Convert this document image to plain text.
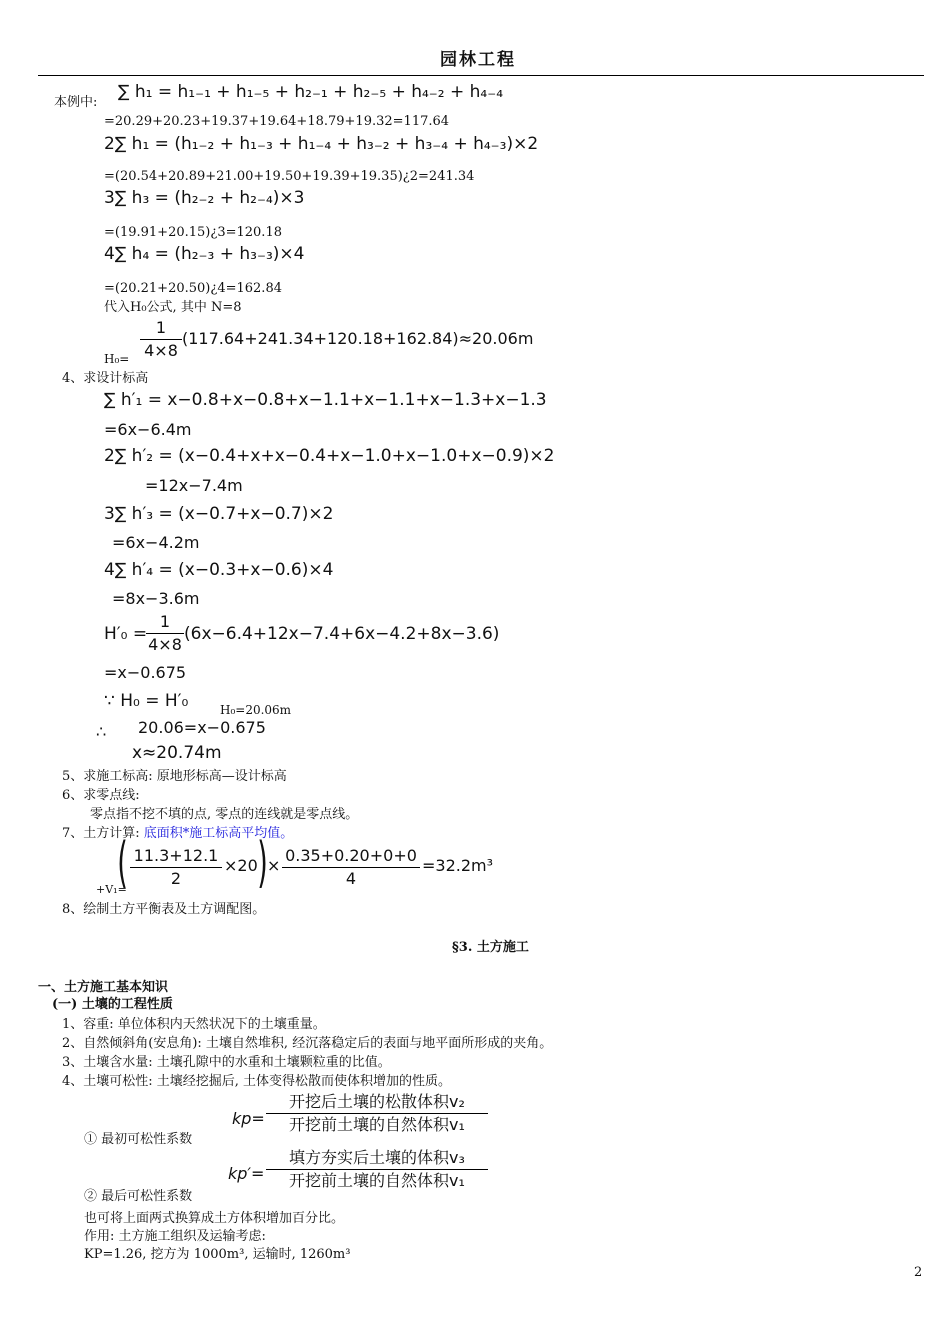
园林工程
本例中:
∑ h₁ = h₁₋₁ + h₁₋₅ + h₂₋₁ + h₂₋₅ + h₄₋₂ + h₄₋₄
=20.29+20.23+19.37+19.64+18.79+19.32=117.64
2∑ h₁ = (h₁₋₂ + h₁₋₃ + h₁₋₄ + h₃₋₂ + h₃₋₄ + h₄₋₃)×2
=(20.54+20.89+21.00+19.50+19.39+19.35)¿2=241.34
3∑ h₃ = (h₂₋₂ + h₂₋₄)×3
=(19.91+20.15)¿3=120.18
4∑ h₄ = (h₂₋₃ + h₃₋₃)×4
=(20.21+20.50)¿4=162.84
代入H₀公式, 其中 N=8
H₀=
1
4×8
(117.64+241.34+120.18+162.84)≈20.06m
4、求设计标高
∑ h′₁ = x−0.8+x−0.8+x−1.1+x−1.1+x−1.3+x−1.3
=6x−6.4m
2∑ h′₂ = (x−0.4+x+x−0.4+x−1.0+x−1.0+x−0.9)×2
=12x−7.4m
3∑ h′₃ = (x−0.7+x−0.7)×2
=6x−4.2m
4∑ h′₄ = (x−0.3+x−0.6)×4
=8x−3.6m
H′₀ =
1
4×8
(6x−6.4+12x−7.4+6x−4.2+8x−3.6)
=x−0.675
∵ H₀ = H′₀	H₀=20.06m
∴ 20.06=x−0.675
x≈20.74m
5、求施工标高: 原地形标高—设计标高
6、求零点线:
零点指不挖不填的点, 零点的连线就是零点线。
7、土方计算: 底面积*施工标高平均值。
+V₁=
( 11.3+12.1
2
×20 ) ×
0.35+0.20+0+0
4
=32.2m³
8、绘制土方平衡表及土方调配图。
§3. 土方施工
一、土方施工基本知识
(一) 土壤的工程性质
1、容重: 单位体积内天然状况下的土壤重量。
2、自然倾斜角(安息角): 土壤自然堆积, 经沉落稳定后的表面与地平面所形成的夹角。
3、土壤含水量: 土壤孔隙中的水重和土壤颗粒重的比值。
4、土壤可松性: 土壤经挖掘后, 土体变得松散而使体积增加的性质。
① 最初可松性系数
kp=
开挖后土壤的松散体积v₂
开挖前土壤的自然体积v₁
② 最后可松性系数
kp′=
填方夯实后土壤的体积v₃
开挖前土壤的自然体积v₁
也可将上面两式换算成土方体积增加百分比。
作用: 土方施工组织及运输考虑:
KP=1.26, 挖方为 1000m³, 运输时, 1260m³
2
